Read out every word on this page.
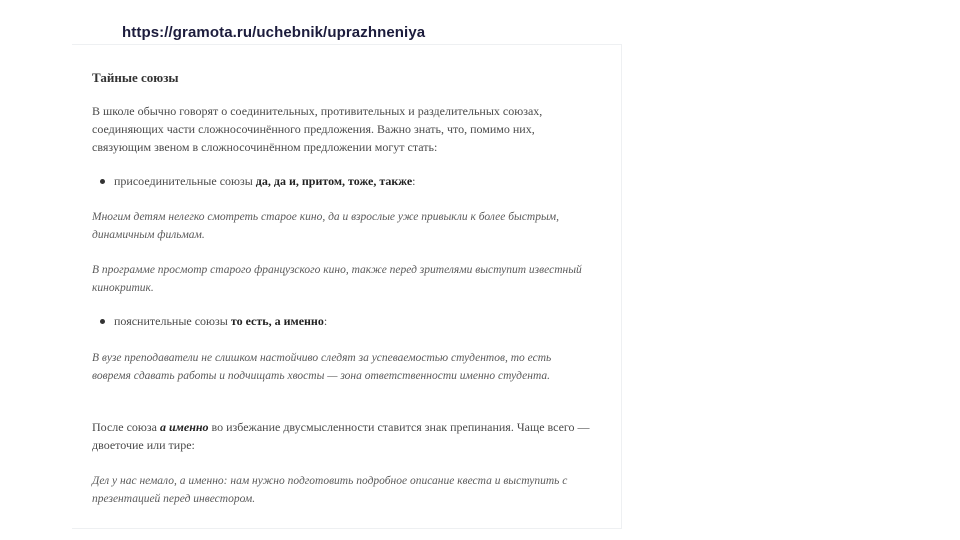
https://gramota.ru/uchebnik/uprazhneniya
Тайные союзы
В школе обычно говорят о соединительных, противительных и разделительных союзах, соединяющих части сложносочинённого предложения. Важно знать, что, помимо них, связующим звеном в сложносочинённом предложении могут стать:
присоединительные союзы да, да и, притом, тоже, также:
Многим детям нелегко смотреть старое кино, да и взрослые уже привыкли к более быстрым, динамичным фильмам.
В программе просмотр старого французского кино, также перед зрителями выступит известный кинокритик.
пояснительные союзы то есть, а именно:
В вузе преподаватели не слишком настойчиво следят за успеваемостью студентов, то есть вовремя сдавать работы и подчищать хвосты — зона ответственности именно студента.
После союза а именно во избежание двусмысленности ставится знак препинания. Чаще всего — двоеточие или тире:
Дел у нас немало, а именно: нам нужно подготовить подробное описание квеста и выступить с презентацией перед инвестором.
